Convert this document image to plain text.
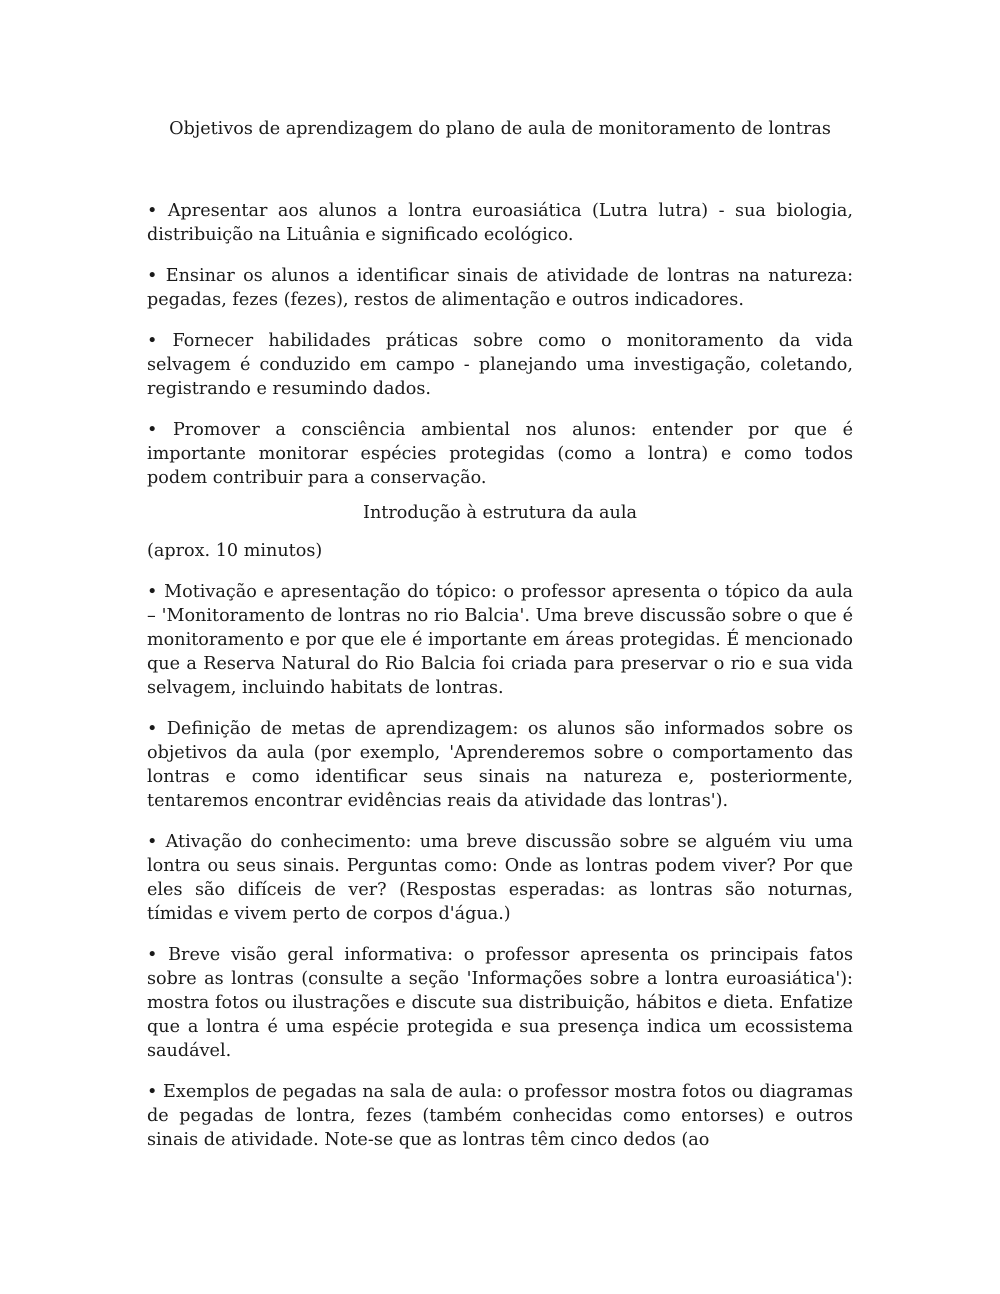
Objetivos de aprendizagem do plano de aula de monitoramento de lontras

• Apresentar aos alunos a lontra euroasiática (Lutra lutra) - sua biologia, distribuição na Lituânia e significado ecológico.

• Ensinar os alunos a identificar sinais de atividade de lontras na natureza: pegadas, fezes (fezes), restos de alimentação e outros indicadores.

• Fornecer habilidades práticas sobre como o monitoramento da vida selvagem é conduzido em campo - planejando uma investigação, coletando, registrando e resumindo dados.

• Promover a consciência ambiental nos alunos: entender por que é importante monitorar espécies protegidas (como a lontra) e como todos podem contribuir para a conservação.

Introdução à estrutura da aula
(aprox. 10 minutos)

• Motivação e apresentação do tópico: o professor apresenta o tópico da aula – 'Monitoramento de lontras no rio Balcia'. Uma breve discussão sobre o que é monitoramento e por que ele é importante em áreas protegidas. É mencionado que a Reserva Natural do Rio Balcia foi criada para preservar o rio e sua vida selvagem, incluindo habitats de lontras.

• Definição de metas de aprendizagem: os alunos são informados sobre os objetivos da aula (por exemplo, 'Aprenderemos sobre o comportamento das lontras e como identificar seus sinais na natureza e, posteriormente, tentaremos encontrar evidências reais da atividade das lontras').

• Ativação do conhecimento: uma breve discussão sobre se alguém viu uma lontra ou seus sinais. Perguntas como: Onde as lontras podem viver? Por que eles são difíceis de ver? (Respostas esperadas: as lontras são noturnas, tímidas e vivem perto de corpos d'água.)

• Breve visão geral informativa: o professor apresenta os principais fatos sobre as lontras (consulte a seção 'Informações sobre a lontra euroasiática'): mostra fotos ou ilustrações e discute sua distribuição, hábitos e dieta. Enfatize que a lontra é uma espécie protegida e sua presença indica um ecossistema saudável.

• Exemplos de pegadas na sala de aula: o professor mostra fotos ou diagramas de pegadas de lontra, fezes (também conhecidas como entorses) e outros sinais de atividade. Note-se que as lontras têm cinco dedos (ao
